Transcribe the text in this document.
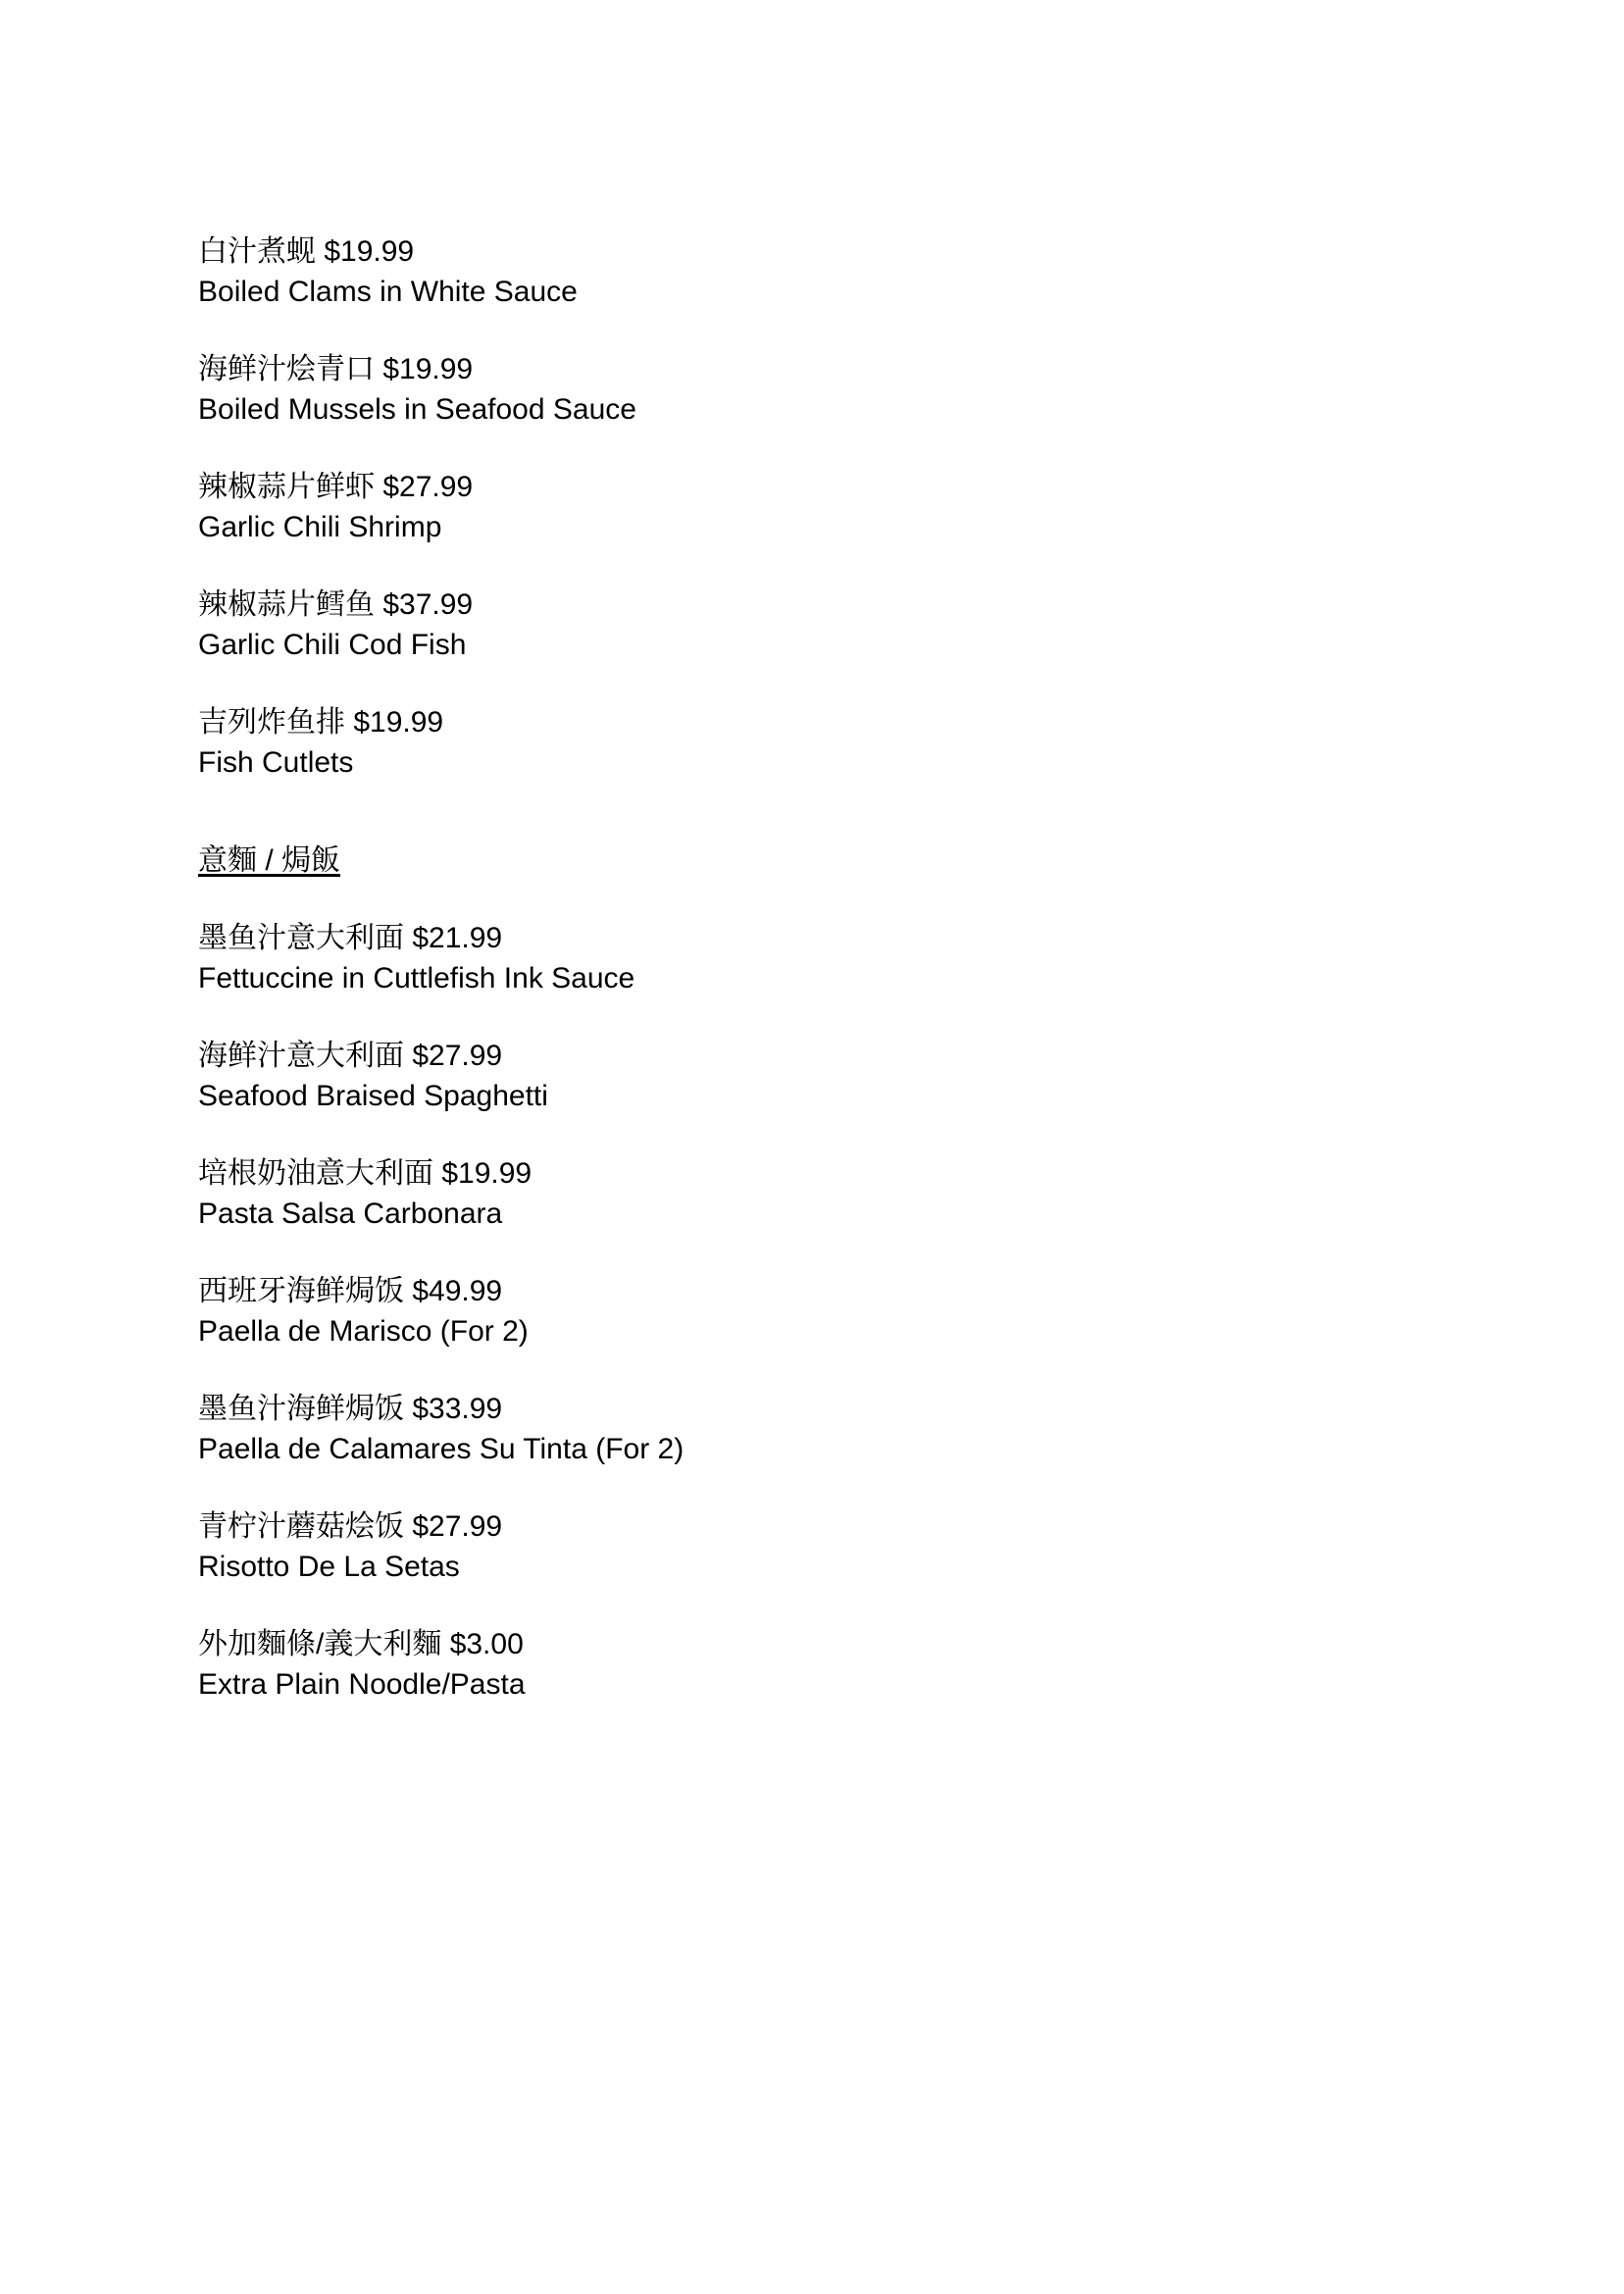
白汁煮蚬 $19.99
Boiled Clams in White Sauce
海鲜汁烩青口 $19.99
Boiled Mussels in Seafood Sauce
辣椒蒜片鲜虾 $27.99
Garlic Chili Shrimp
辣椒蒜片鳕鱼 $37.99
Garlic Chili Cod Fish
吉列炸鱼排 $19.99
Fish Cutlets
意麵 / 焗飯
墨鱼汁意大利面 $21.99
Fettuccine in Cuttlefish Ink Sauce
海鲜汁意大利面 $27.99
Seafood Braised Spaghetti
培根奶油意大利面 $19.99
Pasta Salsa Carbonara
西班牙海鲜焗饭 $49.99
Paella de Marisco (For 2)
墨鱼汁海鲜焗饭 $33.99
Paella de Calamares Su Tinta (For 2)
青柠汁蘑菇烩饭 $27.99
Risotto De La Setas
外加麵條/義大利麵 $3.00
Extra Plain Noodle/Pasta
